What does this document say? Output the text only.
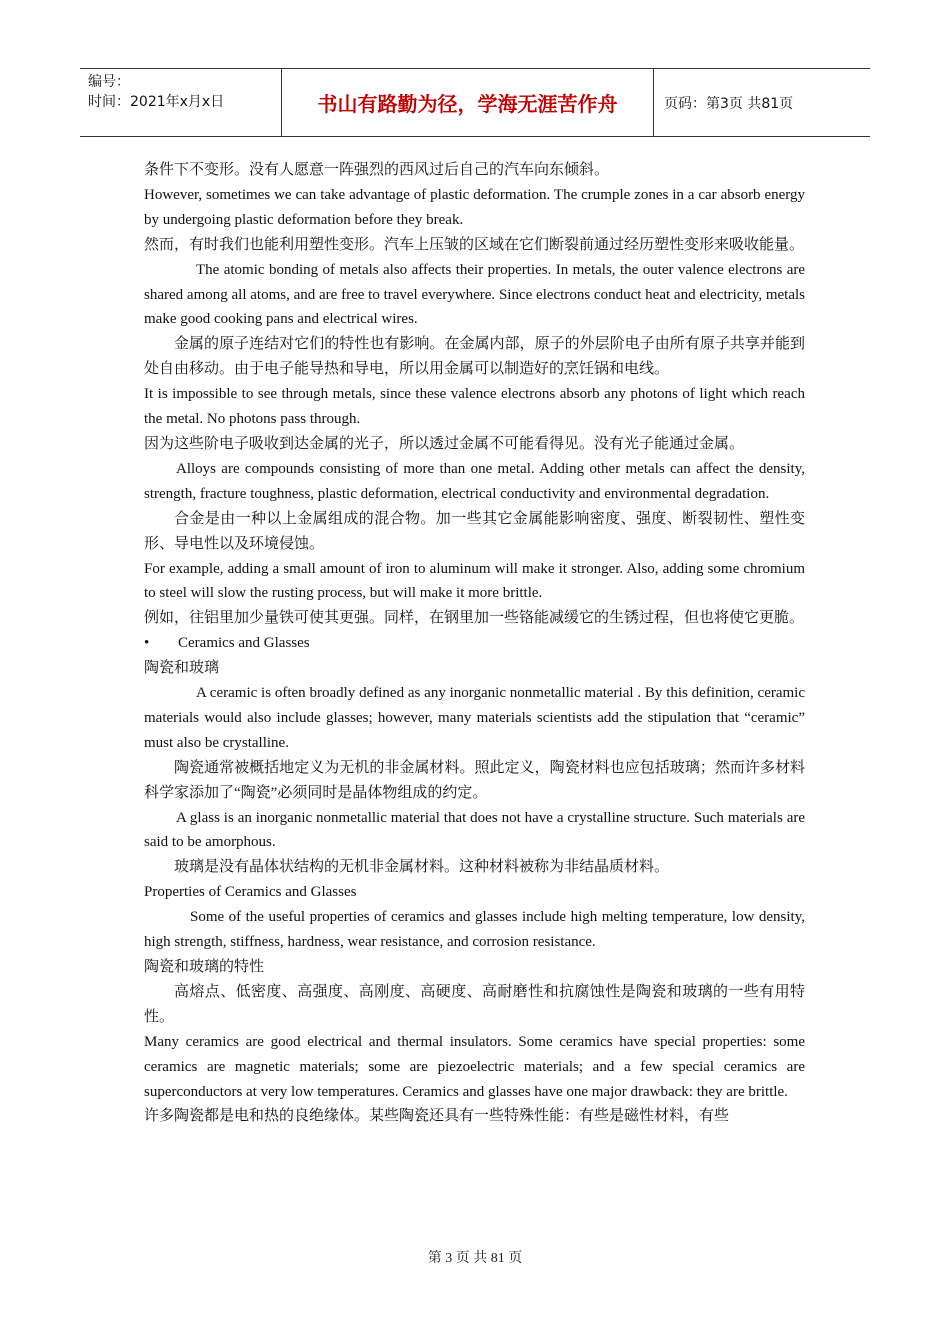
编号：
时间：2021年x月x日	书山有路勤为径，学海无涯苦作舟	页码：第3页 共81页

条件下不变形。没有人愿意一阵强烈的西风过后自己的汽车向东倾斜。

However, sometimes we can take advantage of plastic deformation. The crumple zones in a car absorb energy by undergoing plastic deformation before they break.

然而，有时我们也能利用塑性变形。汽车上压皱的区域在它们断裂前通过经历塑性变形来吸收能量。

The atomic bonding of metals also affects their properties. In metals, the outer valence electrons are shared among all atoms, and are free to travel everywhere. Since electrons conduct heat and electricity, metals make good cooking pans and electrical wires.

金属的原子连结对它们的特性也有影响。在金属内部，原子的外层阶电子由所有原子共享并能到处自由移动。由于电子能导热和导电，所以用金属可以制造好的烹饪锅和电线。

It is impossible to see through metals, since these valence electrons absorb any photons of light which reach the metal. No photons pass through.

因为这些阶电子吸收到达金属的光子，所以透过金属不可能看得见。没有光子能通过金属。

Alloys are compounds consisting of more than one metal. Adding other metals can affect the density, strength, fracture toughness, plastic deformation, electrical conductivity and environmental degradation.

合金是由一种以上金属组成的混合物。加一些其它金属能影响密度、强度、断裂韧性、塑性变形、导电性以及环境侵蚀。

For example, adding a small amount of iron to aluminum will make it stronger. Also, adding some chromium to steel will slow the rusting process, but will make it more brittle.

例如，往铝里加少量铁可使其更强。同样，在钢里加一些铬能减缓它的生锈过程，但也将使它更脆。

•	Ceramics and Glasses

陶瓷和玻璃

A ceramic is often broadly defined as any inorganic nonmetallic material . By this definition, ceramic materials would also include glasses; however, many materials scientists add the stipulation that “ceramic” must also be crystalline.

陶瓷通常被概括地定义为无机的非金属材料。照此定义，陶瓷材料也应包括玻璃；然而许多材料科学家添加了“陶瓷”必须同时是晶体物组成的约定。

A glass is an inorganic nonmetallic material that does not have a crystalline structure. Such materials are said to be amorphous.

玻璃是没有晶体状结构的无机非金属材料。这种材料被称为非结晶质材料。

Properties of Ceramics and Glasses

Some of the useful properties of ceramics and glasses include high melting temperature, low density, high strength, stiffness, hardness, wear resistance, and corrosion resistance.

陶瓷和玻璃的特性

高熔点、低密度、高强度、高刚度、高硬度、高耐磨性和抗腐蚀性是陶瓷和玻璃的一些有用特性。

Many ceramics are good electrical and thermal insulators. Some ceramics have special properties: some ceramics are magnetic materials; some are piezoelectric materials; and a few special ceramics are superconductors at very low temperatures. Ceramics and glasses have one major drawback: they are brittle.

许多陶瓷都是电和热的良绝缘体。某些陶瓷还具有一些特殊性能：有些是磁性材料，有些

第 3 页 共 81 页
